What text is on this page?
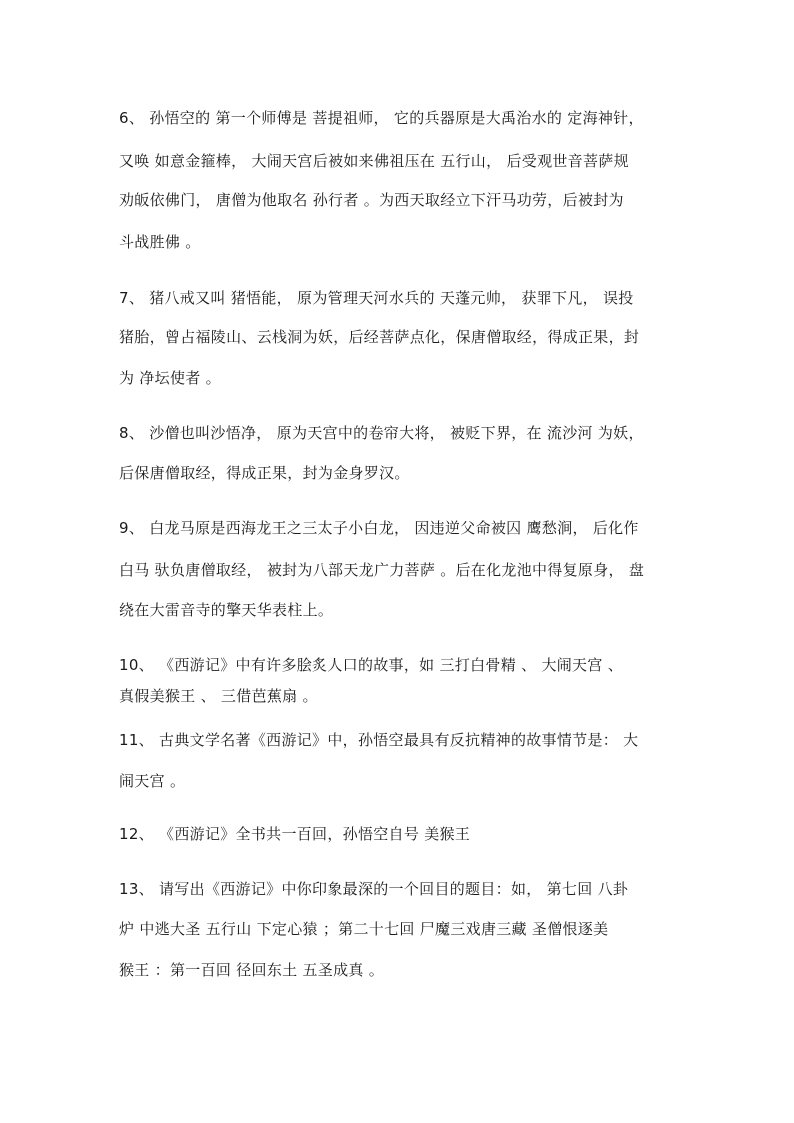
6、 孙悟空的 第一个师傅是 菩提祖师， 它的兵器原是大禹治水的 定海神针，
又唤 如意金箍棒， 大闹天宫后被如来佛祖压在 五行山， 后受观世音菩萨规
劝皈依佛门， 唐僧为他取名 孙行者 。为西天取经立下汗马功劳，后被封为
斗战胜佛 。
7、 猪八戒又叫 猪悟能， 原为管理天河水兵的 天蓬元帅， 获罪下凡， 误投
猪胎，曾占福陵山、云栈洞为妖，后经菩萨点化，保唐僧取经，得成正果，封
为 净坛使者 。
8、 沙僧也叫沙悟净， 原为天宫中的卷帘大将， 被贬下界，在 流沙河 为妖，
后保唐僧取经，得成正果，封为金身罗汉。
9、 白龙马原是西海龙王之三太子小白龙， 因违逆父命被囚 鹰愁涧， 后化作
白马 驮负唐僧取经， 被封为八部天龙广力菩萨 。后在化龙池中得复原身， 盘
绕在大雷音寺的擎天华表柱上。
10、 《西游记》中有许多脍炙人口的故事，如 三打白骨精 、 大闹天宫 、
真假美猴王 、 三借芭蕉扇 。
11、 古典文学名著《西游记》中，孙悟空最具有反抗精神的故事情节是： 大
闹天宫 。
12、 《西游记》全书共一百回，孙悟空自号 美猴王
13、 请写出《西游记》中你印象最深的一个回目的题目：如， 第七回 八卦
炉 中逃大圣 五行山 下定心猿 ；第二十七回 尸魔三戏唐三藏 圣僧恨逐美
猴王 ：第一百回 径回东土 五圣成真 。
